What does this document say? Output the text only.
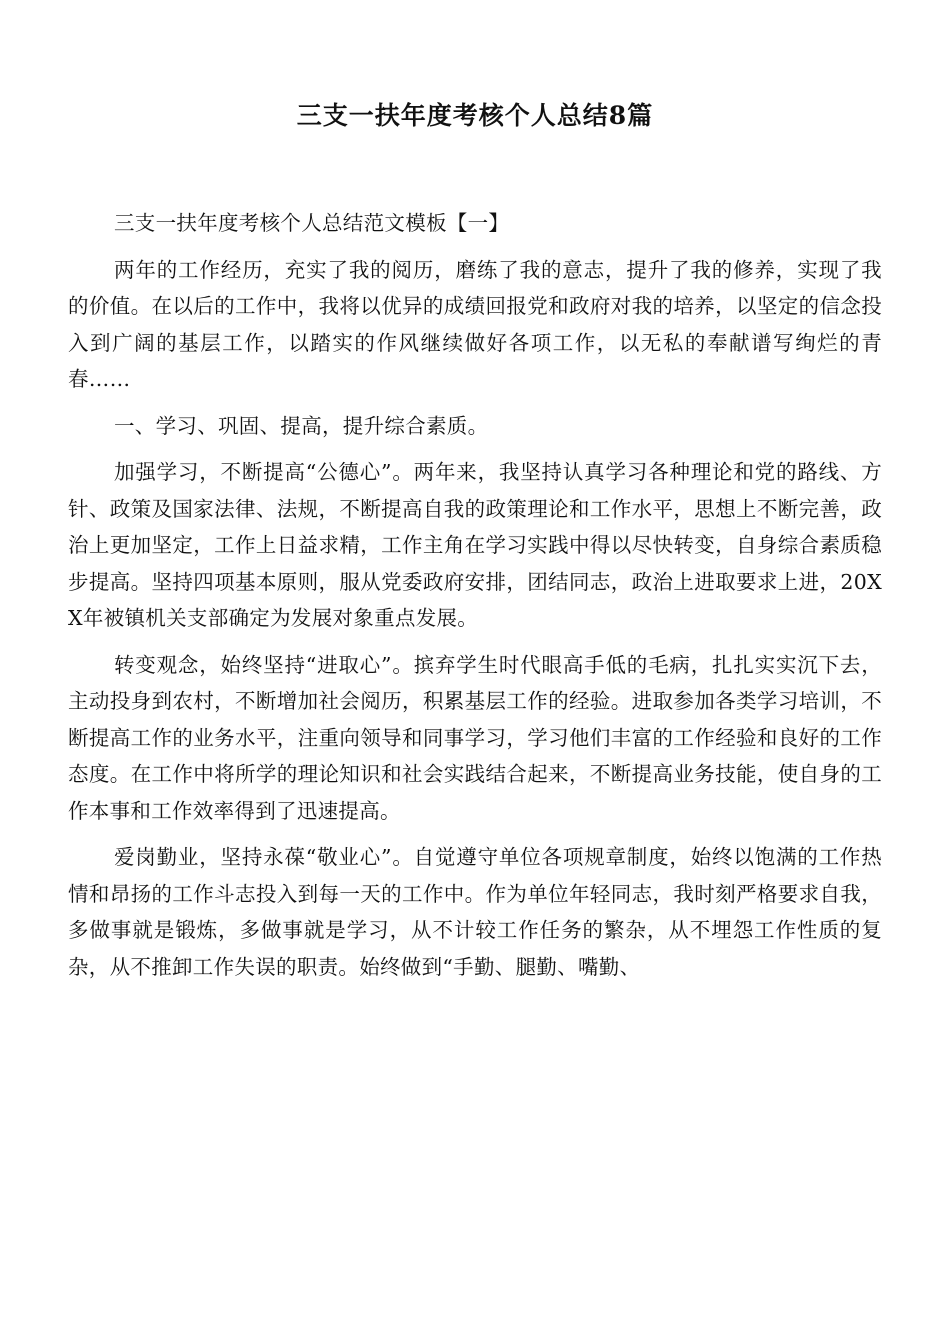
三支一扶年度考核个人总结8篇

三支一扶年度考核个人总结范文模板【一】

两年的工作经历，充实了我的阅历，磨练了我的意志，提升了我的修养，实现了我的价值。在以后的工作中，我将以优异的成绩回报党和政府对我的培养，以坚定的信念投入到广阔的基层工作，以踏实的作风继续做好各项工作，以无私的奉献谱写绚烂的青春……

一、学习、巩固、提高，提升综合素质。

加强学习，不断提高“公德心”。两年来，我坚持认真学习各种理论和党的路线、方针、政策及国家法律、法规，不断提高自我的政策理论和工作水平，思想上不断完善，政治上更加坚定，工作上日益求精，工作主角在学习实践中得以尽快转变，自身综合素质稳步提高。坚持四项基本原则，服从党委政府安排，团结同志，政治上进取要求上进，20XX年被镇机关支部确定为发展对象重点发展。

转变观念，始终坚持“进取心”。摈弃学生时代眼高手低的毛病，扎扎实实沉下去，主动投身到农村，不断增加社会阅历，积累基层工作的经验。进取参加各类学习培训，不断提高工作的业务水平，注重向领导和同事学习，学习他们丰富的工作经验和良好的工作态度。在工作中将所学的理论知识和社会实践结合起来，不断提高业务技能，使自身的工作本事和工作效率得到了迅速提高。

爱岗勤业，坚持永葆“敬业心”。自觉遵守单位各项规章制度，始终以饱满的工作热情和昂扬的工作斗志投入到每一天的工作中。作为单位年轻同志，我时刻严格要求自我，多做事就是锻炼，多做事就是学习，从不计较工作任务的繁杂，从不埋怨工作性质的复杂，从不推卸工作失误的职责。始终做到“手勤、腿勤、嘴勤、
